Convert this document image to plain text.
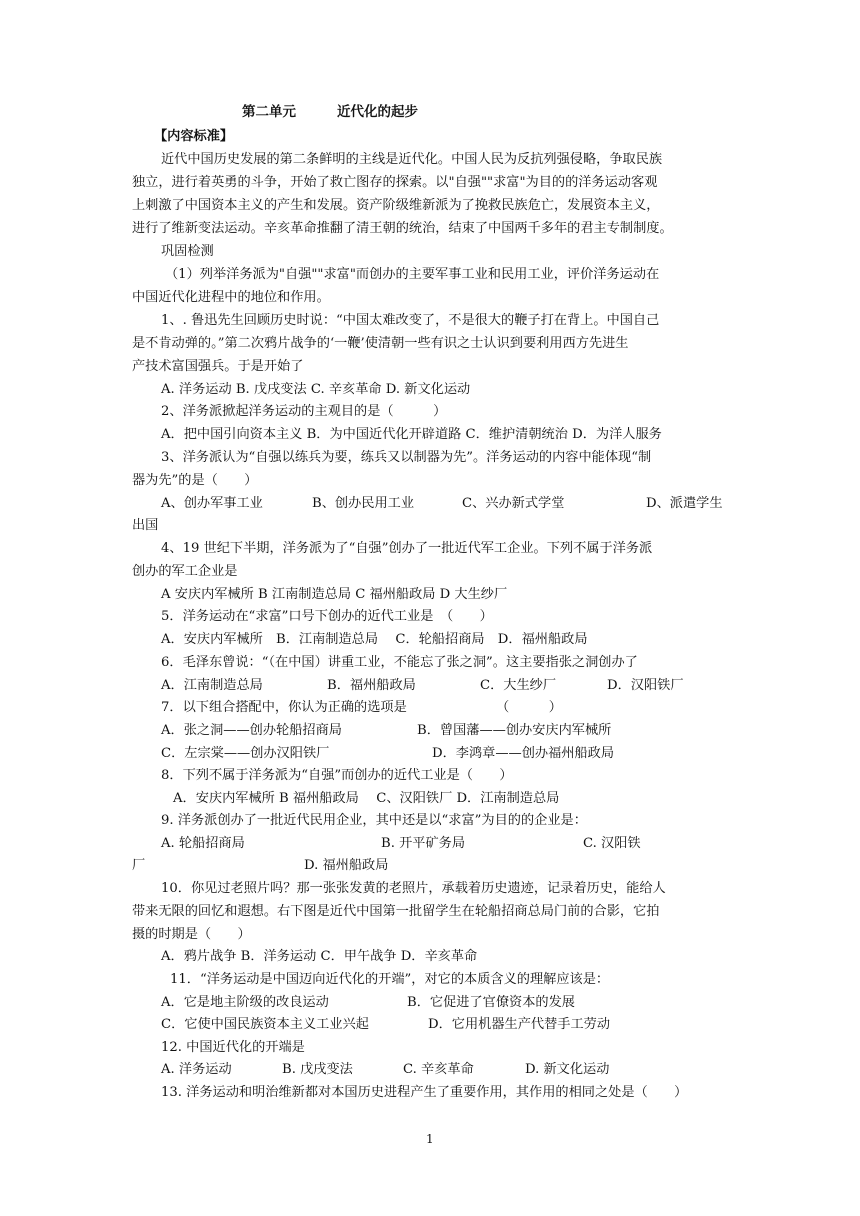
第二单元	近代化的起步
【内容标准】
近代中国历史发展的第二条鲜明的主线是近代化。中国人民为反抗列强侵略，争取民族
独立，进行着英勇的斗争，开始了救亡图存的探索。以"自强""求富"为目的的洋务运动客观
上刺激了中国资本主义的产生和发展。资产阶级维新派为了挽救民族危亡，发展资本主义，
进行了维新变法运动。辛亥革命推翻了清王朝的统治，结束了中国两千多年的君主专制制度。
巩固检测
（1）列举洋务派为"自强""求富"而创办的主要军事工业和民用工业，评价洋务运动在
中国近代化进程中的地位和作用。
1、. 鲁迅先生回顾历史时说：“中国太难改变了，不是很大的鞭子打在背上。中国自己
是不肯动弹的。”第二次鸦片战争的‘一鞭’使清朝一些有识之士认识到要利用西方先进生
产技术富国强兵。于是开始了
A. 洋务运动 B. 戊戌变法 C. 辛亥革命 D. 新文化运动
2、洋务派掀起洋务运动的主观目的是（　　　）
A．把中国引向资本主义 B．为中国近代化开辟道路 C．维护清朝统治 D．为洋人服务
3、洋务派认为“自强以练兵为要，练兵又以制器为先”。洋务运动的内容中能体现“制
器为先”的是（　　）
A、创办军事工业	B、创办民用工业	C、兴办新式学堂	D、派遣学生
出国
4、19 世纪下半期，洋务派为了“自强”创办了一批近代军工企业。下列不属于洋务派
创办的军工企业是
A 安庆内军械所 B 江南制造总局 C 福州船政局 D 大生纱厂
5．洋务运动在“求富”口号下创办的近代工业是　（　　）
A．安庆内军械所　B．江南制造总局　 C．轮船招商局　D．福州船政局
6．毛泽东曾说：“（在中国）讲重工业，不能忘了张之洞”。这主要指张之洞创办了
A．江南制造总局	B．福州船政局	C．大生纱厂	D．汉阳铁厂
7．以下组合搭配中，你认为正确的选项是	（　　　）
A．张之洞——创办轮船招商局	B．曾国藩——创办安庆内军械所
C．左宗棠——创办汉阳铁厂	D．李鸿章——创办福州船政局
8．下列不属于洋务派为“自强”而创办的近代工业是（　　）
A．安庆内军械所 B 福州船政局　 C、汉阳铁厂 D．江南制造总局
9. 洋务派创办了一批近代民用企业，其中还是以“求富”为目的的企业是：
A. 轮船招商局	B. 开平矿务局	C. 汉阳铁
厂	D. 福州船政局
10．你见过老照片吗？那一张张发黄的老照片，承载着历史遗迹，记录着历史，能给人
带来无限的回忆和遐想。右下图是近代中国第一批留学生在轮船招商总局门前的合影，它拍
摄的时期是（　　）
A．鸦片战争 B．洋务运动 C．甲午战争 D．辛亥革命
11．“洋务运动是中国迈向近代化的开端”，对它的本质含义的理解应该是：
A．它是地主阶级的改良运动	B．它促进了官僚资本的发展
C．它使中国民族资本主义工业兴起	D．它用机器生产代替手工劳动
12. 中国近代化的开端是
A. 洋务运动	B. 戊戌变法	C. 辛亥革命	D. 新文化运动
13. 洋务运动和明治维新都对本国历史进程产生了重要作用，其作用的相同之处是（　　）
1
